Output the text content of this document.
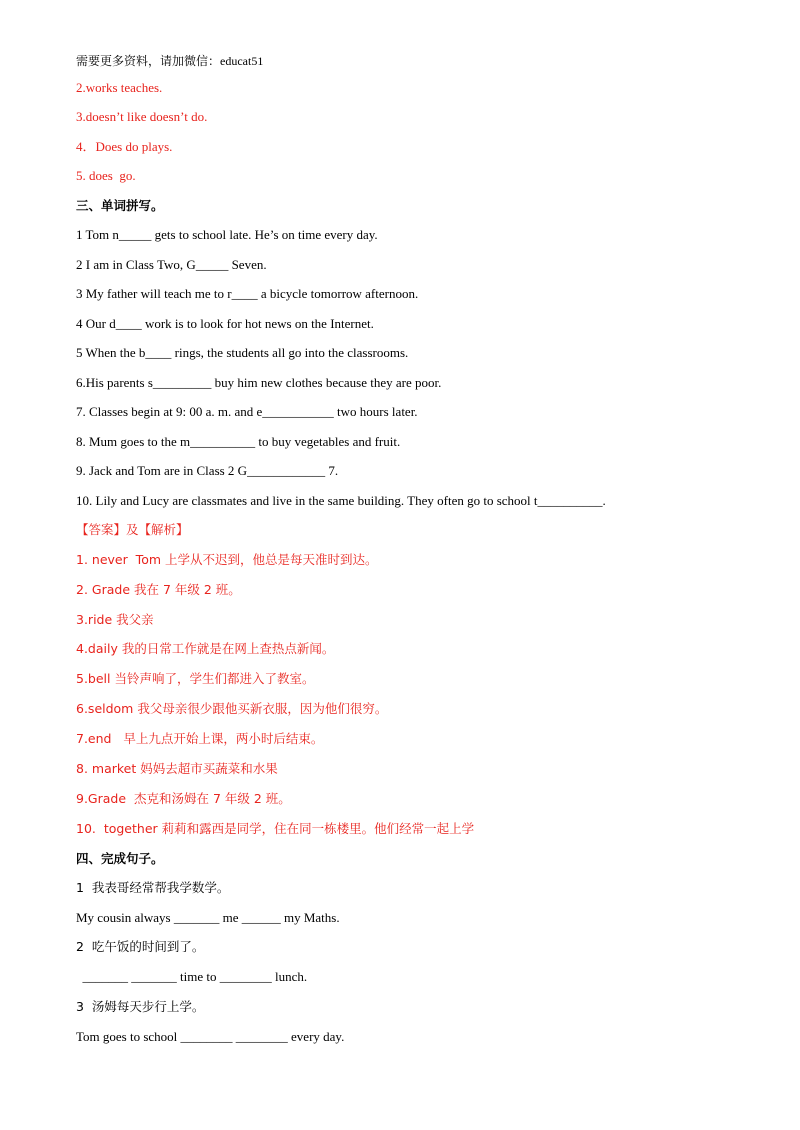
需要更多资料，请加微信：educat51
2.works teaches.
3.doesn’t like doesn’t do.
4．Does do plays.
5. does  go.
三、单词拼写。
1 Tom n_____ gets to school late. He’s on time every day.
2 I am in Class Two, G_____ Seven.
3 My father will teach me to r____ a bicycle tomorrow afternoon.
4 Our d____ work is to look for hot news on the Internet.
5 When the b____ rings, the students all go into the classrooms.
6.His parents s_________ buy him new clothes because they are poor.
7. Classes begin at 9: 00 a. m. and e___________ two hours later.
8. Mum goes to the m__________ to buy vegetables and fruit.
9. Jack and Tom are in Class 2 G____________ 7.
10. Lily and Lucy are classmates and live in the same building. They often go to school t__________.
【答案】及【解析】
1. never  Tom 上学从不迟到，他总是每天准时到达。
2. Grade 我在 7 年级 2 班。
3.ride 我父亲
4.daily 我的日常工作就是在网上查热点新闻。
5.bell 当铃声响了，学生们都进入了教室。
6.seldom 我父母亲很少跟他买新衣服，因为他们很穷。
7.end   早上九点开始上课，两小时后结束。
8. market 妈妈去超市买蔬菜和水果
9.Grade  杰克和汤姆在 7 年级 2 班。
10.  together 莉莉和露西是同学，住在同一栋楼里。他们经常一起上学
四、完成句子。
1  我表哥经常帮我学数学。
My cousin always _______ me ______ my Maths.
2  吃午饭的时间到了。
_______ _______ time to ________ lunch.
3  汤姆每天步行上学。
Tom goes to school ________ ________ every day.
